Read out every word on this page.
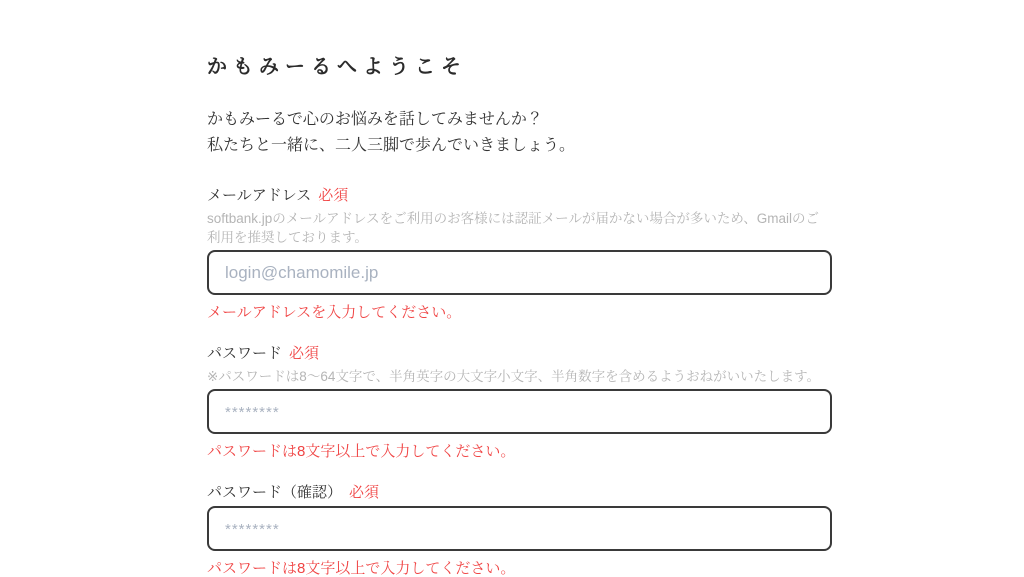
かもみーるへようこそ

かもみーるで心のお悩みを話してみませんか？
私たちと一緒に、二人三脚で歩んでいきましょう。

メールアドレス 必須

softbank.jpのメールアドレスをご利用のお客様には認証メールが届かない場合が多いため、Gmailのご利用を推奨しております。

login@chamomile.jp

メールアドレスを入力してください。

パスワード 必須

※パスワードは8〜64文字で、半角英字の大文字小文字、半角数字を含めるようおねがいいたします。

パスワードは8文字以上で入力してください。

パスワード（確認） 必須

パスワードは8文字以上で入力してください。
